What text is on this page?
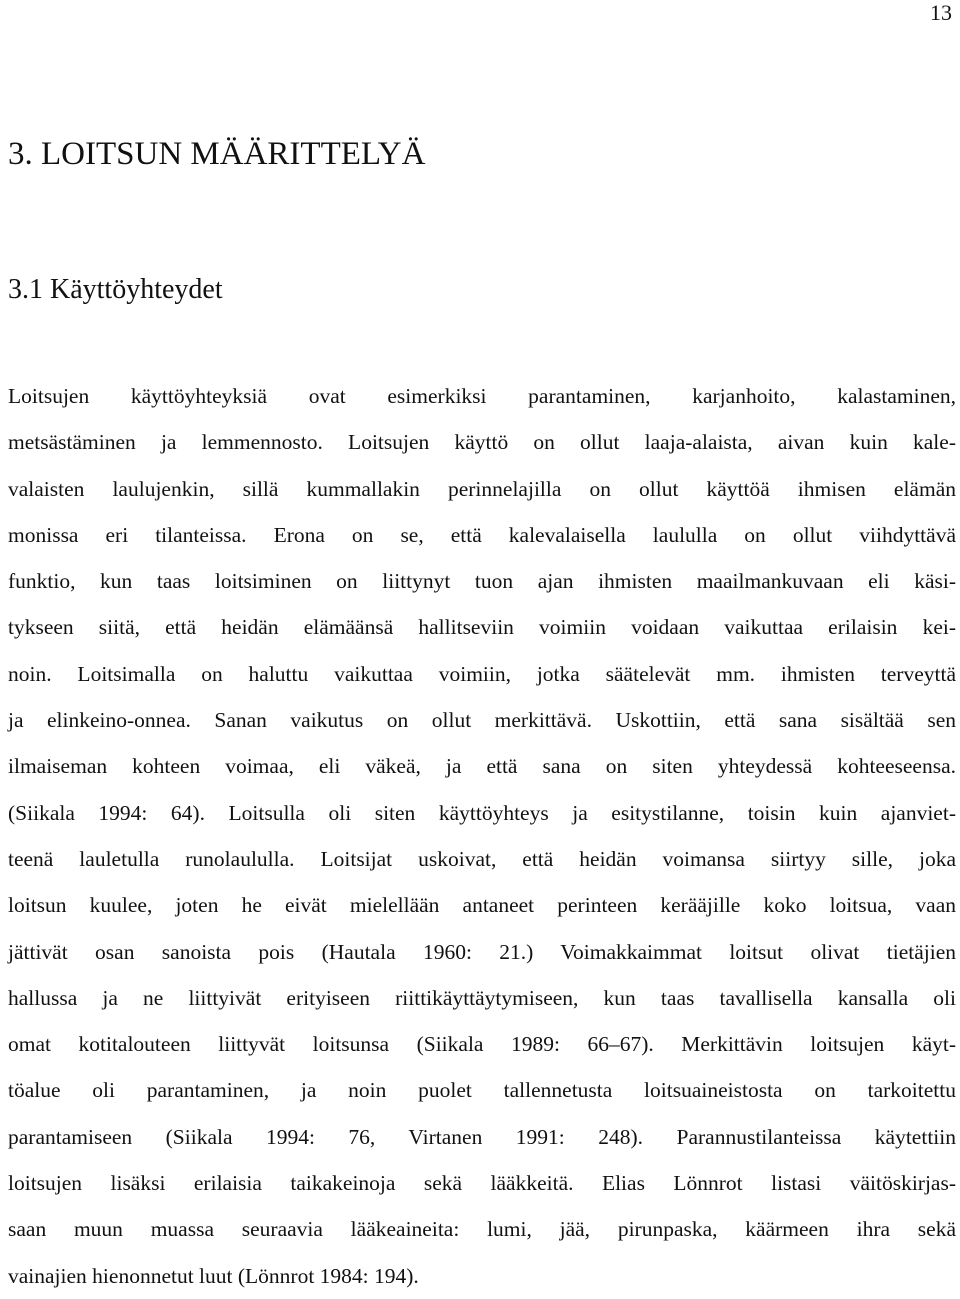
13
3. LOITSUN MÄÄRITTELYÄ
3.1 Käyttöyhteydet

Loitsujen käyttöyhteyksiä ovat esimerkiksi parantaminen, karjanhoito, kalastaminen,
metsästäminen ja lemmennosto. Loitsujen käyttö on ollut laaja-alaista, aivan kuin kale-
valaisten laulujenkin, sillä kummallakin perinnelajilla on ollut käyttöä ihmisen elämän
monissa eri tilanteissa. Erona on se, että kalevalaisella laululla on ollut viihdyttävä
funktio, kun taas loitsiminen on liittynyt tuon ajan ihmisten maailmankuvaan eli käsi-
tykseen siitä, että heidän elämäänsä hallitseviin voimiin voidaan vaikuttaa erilaisin kei-
noin. Loitsimalla on haluttu vaikuttaa voimiin, jotka säätelevät mm. ihmisten terveyttä
ja elinkeino-onnea. Sanan vaikutus on ollut merkittävä. Uskottiin, että sana sisältää sen
ilmaiseman kohteen voimaa, eli väkeä, ja että sana on siten yhteydessä kohteeseensa.
(Siikala 1994: 64). Loitsulla oli siten käyttöyhteys ja esitystilanne, toisin kuin ajanviet-
teenä lauletulla runolaululla. Loitsijat uskoivat, että heidän voimansa siirtyy sille, joka
loitsun kuulee, joten he eivät mielellään antaneet perinteen kerääjille koko loitsua, vaan
jättivät osan sanoista pois (Hautala 1960: 21.) Voimakkaimmat loitsut olivat tietäjien
hallussa ja ne liittyivät erityiseen riittikäyttäytymiseen, kun taas tavallisella kansalla oli
omat kotitalouteen liittyvät loitsunsa (Siikala 1989: 66–67). Merkittävin loitsujen käyt-
töalue oli parantaminen, ja noin puolet tallennetusta loitsuaineistosta on tarkoitettu
parantamiseen (Siikala 1994: 76, Virtanen 1991: 248). Parannustilanteissa käytettiin
loitsujen lisäksi erilaisia taikakeinoja sekä lääkkeitä. Elias Lönnrot listasi väitöskirjas-
saan muun muassa seuraavia lääkeaineita: lumi, jää, pirunpaska, käärmeen ihra sekä
vainajien hienonnetut luut (Lönnrot 1984: 194).
